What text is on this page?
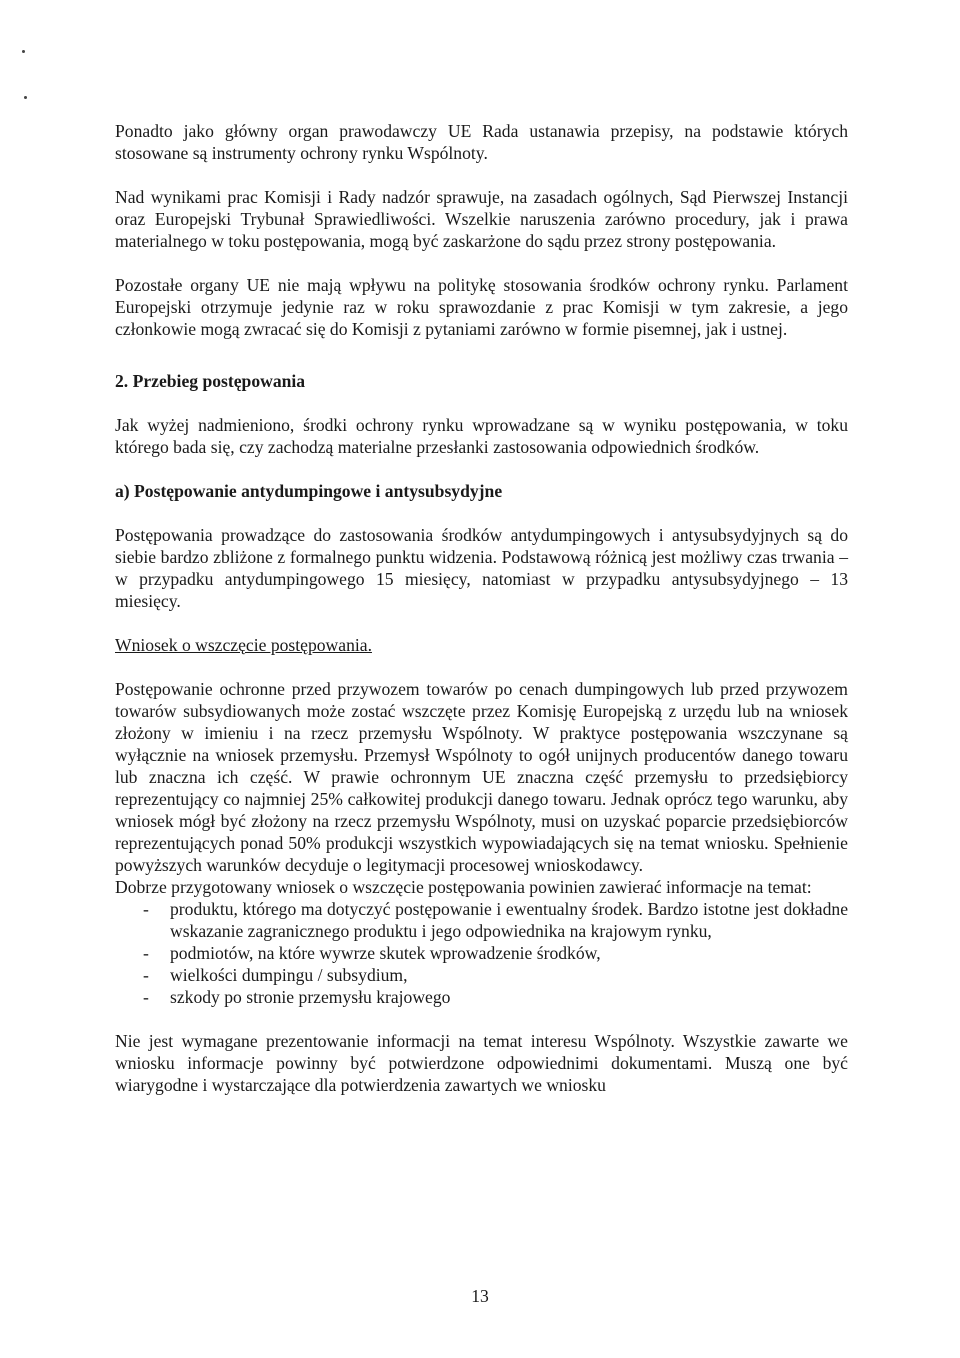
Ponadto jako główny organ prawodawczy UE Rada ustanawia przepisy, na podstawie których stosowane są instrumenty ochrony rynku Wspólnoty.

Nad wynikami prac Komisji i Rady nadzór sprawuje, na zasadach ogólnych, Sąd Pierwszej Instancji oraz Europejski Trybunał Sprawiedliwości. Wszelkie naruszenia zarówno procedury, jak i prawa materialnego w toku postępowania, mogą być zaskarżone do sądu przez strony postępowania.

Pozostałe organy UE nie mają wpływu na politykę stosowania środków ochrony rynku. Parlament Europejski otrzymuje jedynie raz w roku sprawozdanie z prac Komisji w tym zakresie, a jego członkowie mogą zwracać się do Komisji z pytaniami zarówno w formie pisemnej, jak i ustnej.

2. Przebieg postępowania

Jak wyżej nadmieniono, środki ochrony rynku wprowadzane są w wyniku postępowania, w toku którego bada się, czy zachodzą materialne przesłanki zastosowania odpowiednich środków.

a) Postępowanie antydumpingowe i antysubsydyjne

Postępowania prowadzące do zastosowania środków antydumpingowych i antysubsydyjnych są do siebie bardzo zbliżone z formalnego punktu widzenia. Podstawową różnicą jest możliwy czas trwania – w przypadku antydumpingowego 15 miesięcy, natomiast w przypadku antysubsydyjnego – 13 miesięcy.

Wniosek o wszczęcie postępowania.

Postępowanie ochronne przed przywozem towarów po cenach dumpingowych lub przed przywozem towarów subsydiowanych może zostać wszczęte przez Komisję Europejską z urzędu lub na wniosek złożony w imieniu i na rzecz przemysłu Wspólnoty. W praktyce postępowania wszczynane są wyłącznie na wniosek przemysłu. Przemysł Wspólnoty to ogół unijnych producentów danego towaru lub znaczna ich część. W prawie ochronnym UE znaczna część przemysłu to przedsiębiorcy reprezentujący co najmniej 25% całkowitej produkcji danego towaru. Jednak oprócz tego warunku, aby wniosek mógł być złożony na rzecz przemysłu Wspólnoty, musi on uzyskać poparcie przedsiębiorców reprezentujących ponad 50% produkcji wszystkich wypowiadających się na temat wniosku. Spełnienie powyższych warunków decyduje o legitymacji procesowej wnioskodawcy.

Dobrze przygotowany wniosek o wszczęcie postępowania powinien zawierać informacje na temat:

- produktu, którego ma dotyczyć postępowanie i ewentualny środek. Bardzo istotne jest dokładne wskazanie zagranicznego produktu i jego odpowiednika na krajowym rynku,
- podmiotów, na które wywrze skutek wprowadzenie środków,
- wielkości dumpingu / subsydium,
- szkody po stronie przemysłu krajowego

Nie jest wymagane prezentowanie informacji na temat interesu Wspólnoty. Wszystkie zawarte we wniosku informacje powinny być potwierdzone odpowiednimi dokumentami. Muszą one być wiarygodne i wystarczające dla potwierdzenia zawartych we wniosku

13
